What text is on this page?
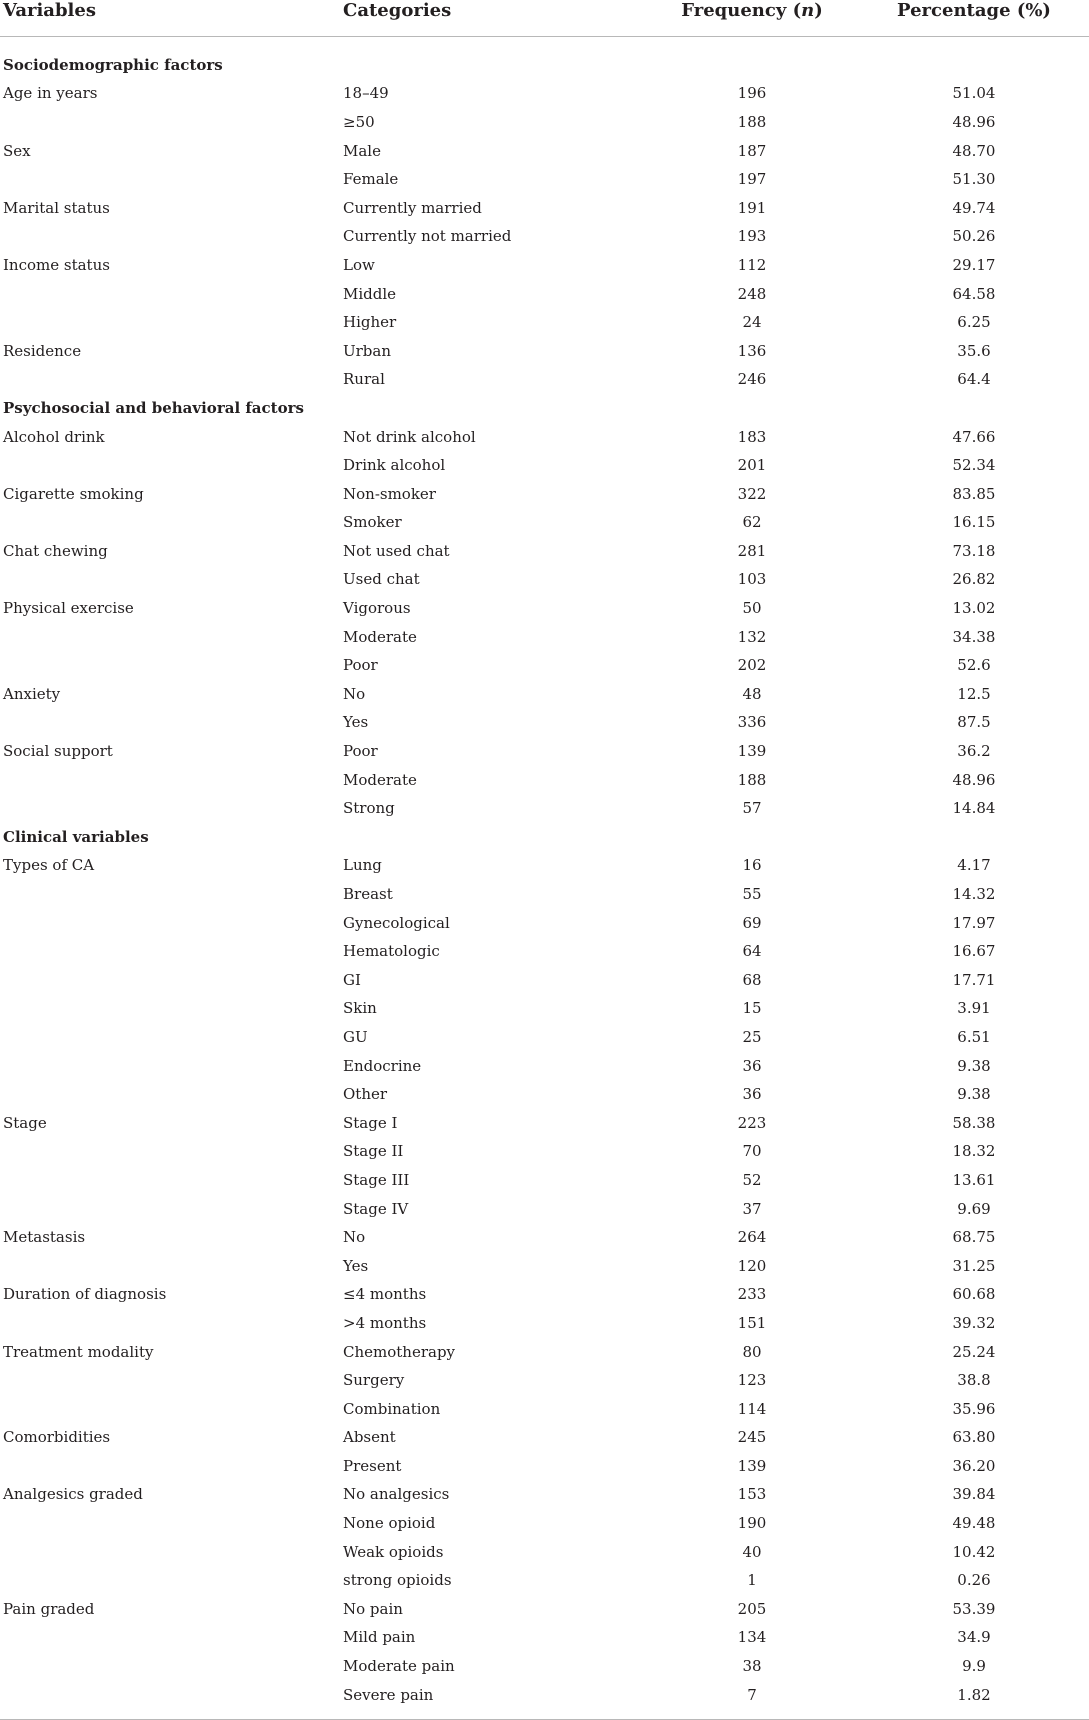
Variables	Categories	Frequency (n)	Percentage (%)
Sociodemographic factors			
Age in years	18–49	196	51.04
	≥50	188	48.96
Sex	Male	187	48.70
	Female	197	51.30
Marital status	Currently married	191	49.74
	Currently not married	193	50.26
Income status	Low	112	29.17
	Middle	248	64.58
	Higher	24	6.25
Residence	Urban	136	35.6
	Rural	246	64.4
Psychosocial and behavioral factors			
Alcohol drink	Not drink alcohol	183	47.66
	Drink alcohol	201	52.34
Cigarette smoking	Non-smoker	322	83.85
	Smoker	62	16.15
Chat chewing	Not used chat	281	73.18
	Used chat	103	26.82
Physical exercise	Vigorous	50	13.02
	Moderate	132	34.38
	Poor	202	52.6
Anxiety	No	48	12.5
	Yes	336	87.5
Social support	Poor	139	36.2
	Moderate	188	48.96
	Strong	57	14.84
Clinical variables			
Types of CA	Lung	16	4.17
	Breast	55	14.32
	Gynecological	69	17.97
	Hematologic	64	16.67
	GI	68	17.71
	Skin	15	3.91
	GU	25	6.51
	Endocrine	36	9.38
	Other	36	9.38
Stage	Stage I	223	58.38
	Stage II	70	18.32
	Stage III	52	13.61
	Stage IV	37	9.69
Metastasis	No	264	68.75
	Yes	120	31.25
Duration of diagnosis	≤4 months	233	60.68
	>4 months	151	39.32
Treatment modality	Chemotherapy	80	25.24
	Surgery	123	38.8
	Combination	114	35.96
Comorbidities	Absent	245	63.80
	Present	139	36.20
Analgesics graded	No analgesics	153	39.84
	None opioid	190	49.48
	Weak opioids	40	10.42
	strong opioids	1	0.26
Pain graded	No pain	205	53.39
	Mild pain	134	34.9
	Moderate pain	38	9.9
	Severe pain	7	1.82
